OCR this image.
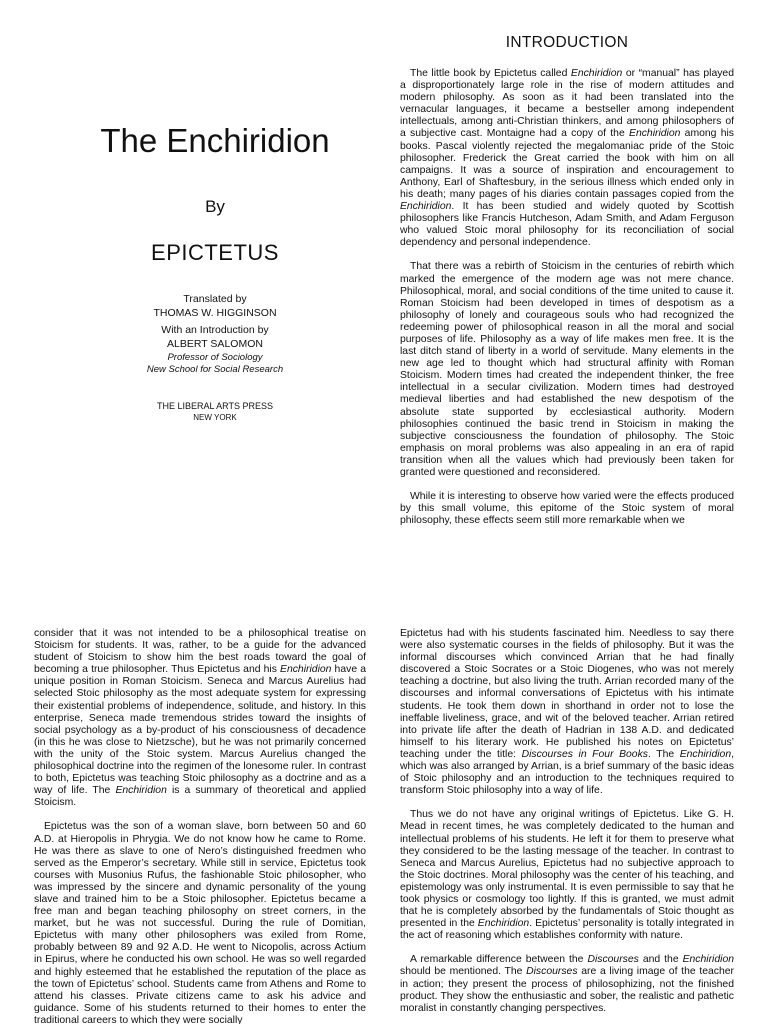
The Enchiridion
By
EPICTETUS
Translated by
THOMAS W. HIGGINSON
With an Introduction by
ALBERT SALOMON
Professor of Sociology
New School for Social Research
THE LIBERAL ARTS PRESS
NEW YORK
INTRODUCTION

The little book by Epictetus called Enchiridion or “manual” has played a disproportionately large role in the rise of modern attitudes and modern philosophy. As soon as it had been translated into the vernacular languages, it became a bestseller among independent intellectuals, among anti-Christian thinkers, and among philosophers of a subjective cast. Montaigne had a copy of the Enchiridion among his books. Pascal violently rejected the megalomaniac pride of the Stoic philosopher. Frederick the Great carried the book with him on all campaigns. It was a source of inspiration and encouragement to Anthony, Earl of Shaftesbury, in the serious illness which ended only in his death; many pages of his diaries contain passages copied from the Enchiridion. It has been studied and widely quoted by Scottish philosophers like Francis Hutcheson, Adam Smith, and Adam Ferguson who valued Stoic moral philosophy for its reconciliation of social dependency and personal independence.

That there was a rebirth of Stoicism in the centuries of rebirth which marked the emergence of the modern age was not mere chance. Philosophical, moral, and social conditions of the time united to cause it. Roman Stoicism had been developed in times of despotism as a philosophy of lonely and courageous souls who had recognized the redeeming power of philosophical reason in all the moral and social purposes of life. Philosophy as a way of life makes men free. It is the last ditch stand of liberty in a world of servitude. Many elements in the new age led to thought which had structural affinity with Roman Stoicism. Modern times had created the independent thinker, the free intellectual in a secular civilization. Modern times had destroyed medieval liberties and had established the new despotism of the absolute state supported by ecclesiastical authority. Modern philosophies continued the basic trend in Stoicism in making the subjective consciousness the foundation of philosophy. The Stoic emphasis on moral problems was also appealing in an era of rapid transition when all the values which had previously been taken for granted were questioned and reconsidered.

While it is interesting to observe how varied were the effects produced by this small volume, this epitome of the Stoic system of moral philosophy, these effects seem still more remarkable when we

consider that it was not intended to be a philosophical treatise on Stoicism for students. It was, rather, to be a guide for the advanced student of Stoicism to show him the best roads toward the goal of becoming a true philosopher. Thus Epictetus and his Enchiridion have a unique position in Roman Stoicism. Seneca and Marcus Aurelius had selected Stoic philosophy as the most adequate system for expressing their existential problems of independence, solitude, and history. In this enterprise, Seneca made tremendous strides toward the insights of social psychology as a by-product of his consciousness of decadence (in this he was close to Nietzsche), but he was not primarily concerned with the unity of the Stoic system. Marcus Aurelius changed the philosophical doctrine into the regimen of the lonesome ruler. In contrast to both, Epictetus was teaching Stoic philosophy as a doctrine and as a way of life. The Enchiridion is a summary of theoretical and applied Stoicism.

Epictetus was the son of a woman slave, born between 50 and 60 A.D. at Hieropolis in Phrygia. We do not know how he came to Rome. He was there as slave to one of Nero’s distinguished freedmen who served as the Emperor’s secretary. While still in service, Epictetus took courses with Musonius Rufus, the fashionable Stoic philosopher, who was impressed by the sincere and dynamic personality of the young slave and trained him to be a Stoic philosopher. Epictetus became a free man and began teaching philosophy on street corners, in the market, but he was not successful. During the rule of Domitian, Epictetus with many other philosophers was exiled from Rome, probably between 89 and 92 A.D. He went to Nicopolis, across Actium in Epirus, where he conducted his own school. He was so well regarded and highly esteemed that he established the reputation of the place as the town of Epictetus’ school. Students came from Athens and Rome to attend his classes. Private citizens came to ask his advice and guidance. Some of his students returned to their homes to enter the traditional careers to which they were socially

Epictetus had with his students fascinated him. Needless to say there were also systematic courses in the fields of philosophy. But it was the informal discourses which convinced Arrian that he had finally discovered a Stoic Socrates or a Stoic Diogenes, who was not merely teaching a doctrine, but also living the truth. Arrian recorded many of the discourses and informal conversations of Epictetus with his intimate students. He took them down in shorthand in order not to lose the ineffable liveliness, grace, and wit of the beloved teacher. Arrian retired into private life after the death of Hadrian in 138 A.D. and dedicated himself to his literary work. He published his notes on Epictetus’ teaching under the title: Discourses in Four Books. The Enchiridion, which was also arranged by Arrian, is a brief summary of the basic ideas of Stoic philosophy and an introduction to the techniques required to transform Stoic philosophy into a way of life.

Thus we do not have any original writings of Epictetus. Like G. H. Mead in recent times, he was completely dedicated to the human and intellectual problems of his students. He left it for them to preserve what they considered to be the lasting message of the teacher. In contrast to Seneca and Marcus Aurelius, Epictetus had no subjective approach to the Stoic doctrines. Moral philosophy was the center of his teaching, and epistemology was only instrumental. It is even permissible to say that he took physics or cosmology too lightly. If this is granted, we must admit that he is completely absorbed by the fundamentals of Stoic thought as presented in the Enchiridion. Epictetus’ personality is totally integrated in the act of reasoning which establishes conformity with nature.

A remarkable difference between the Discourses and the Enchiridion should be mentioned. The Discourses are a living image of the teacher in action; they present the process of philosophizing, not the finished product. They show the enthusiastic and sober, the realistic and pathetic moralist in constantly changing perspectives.
